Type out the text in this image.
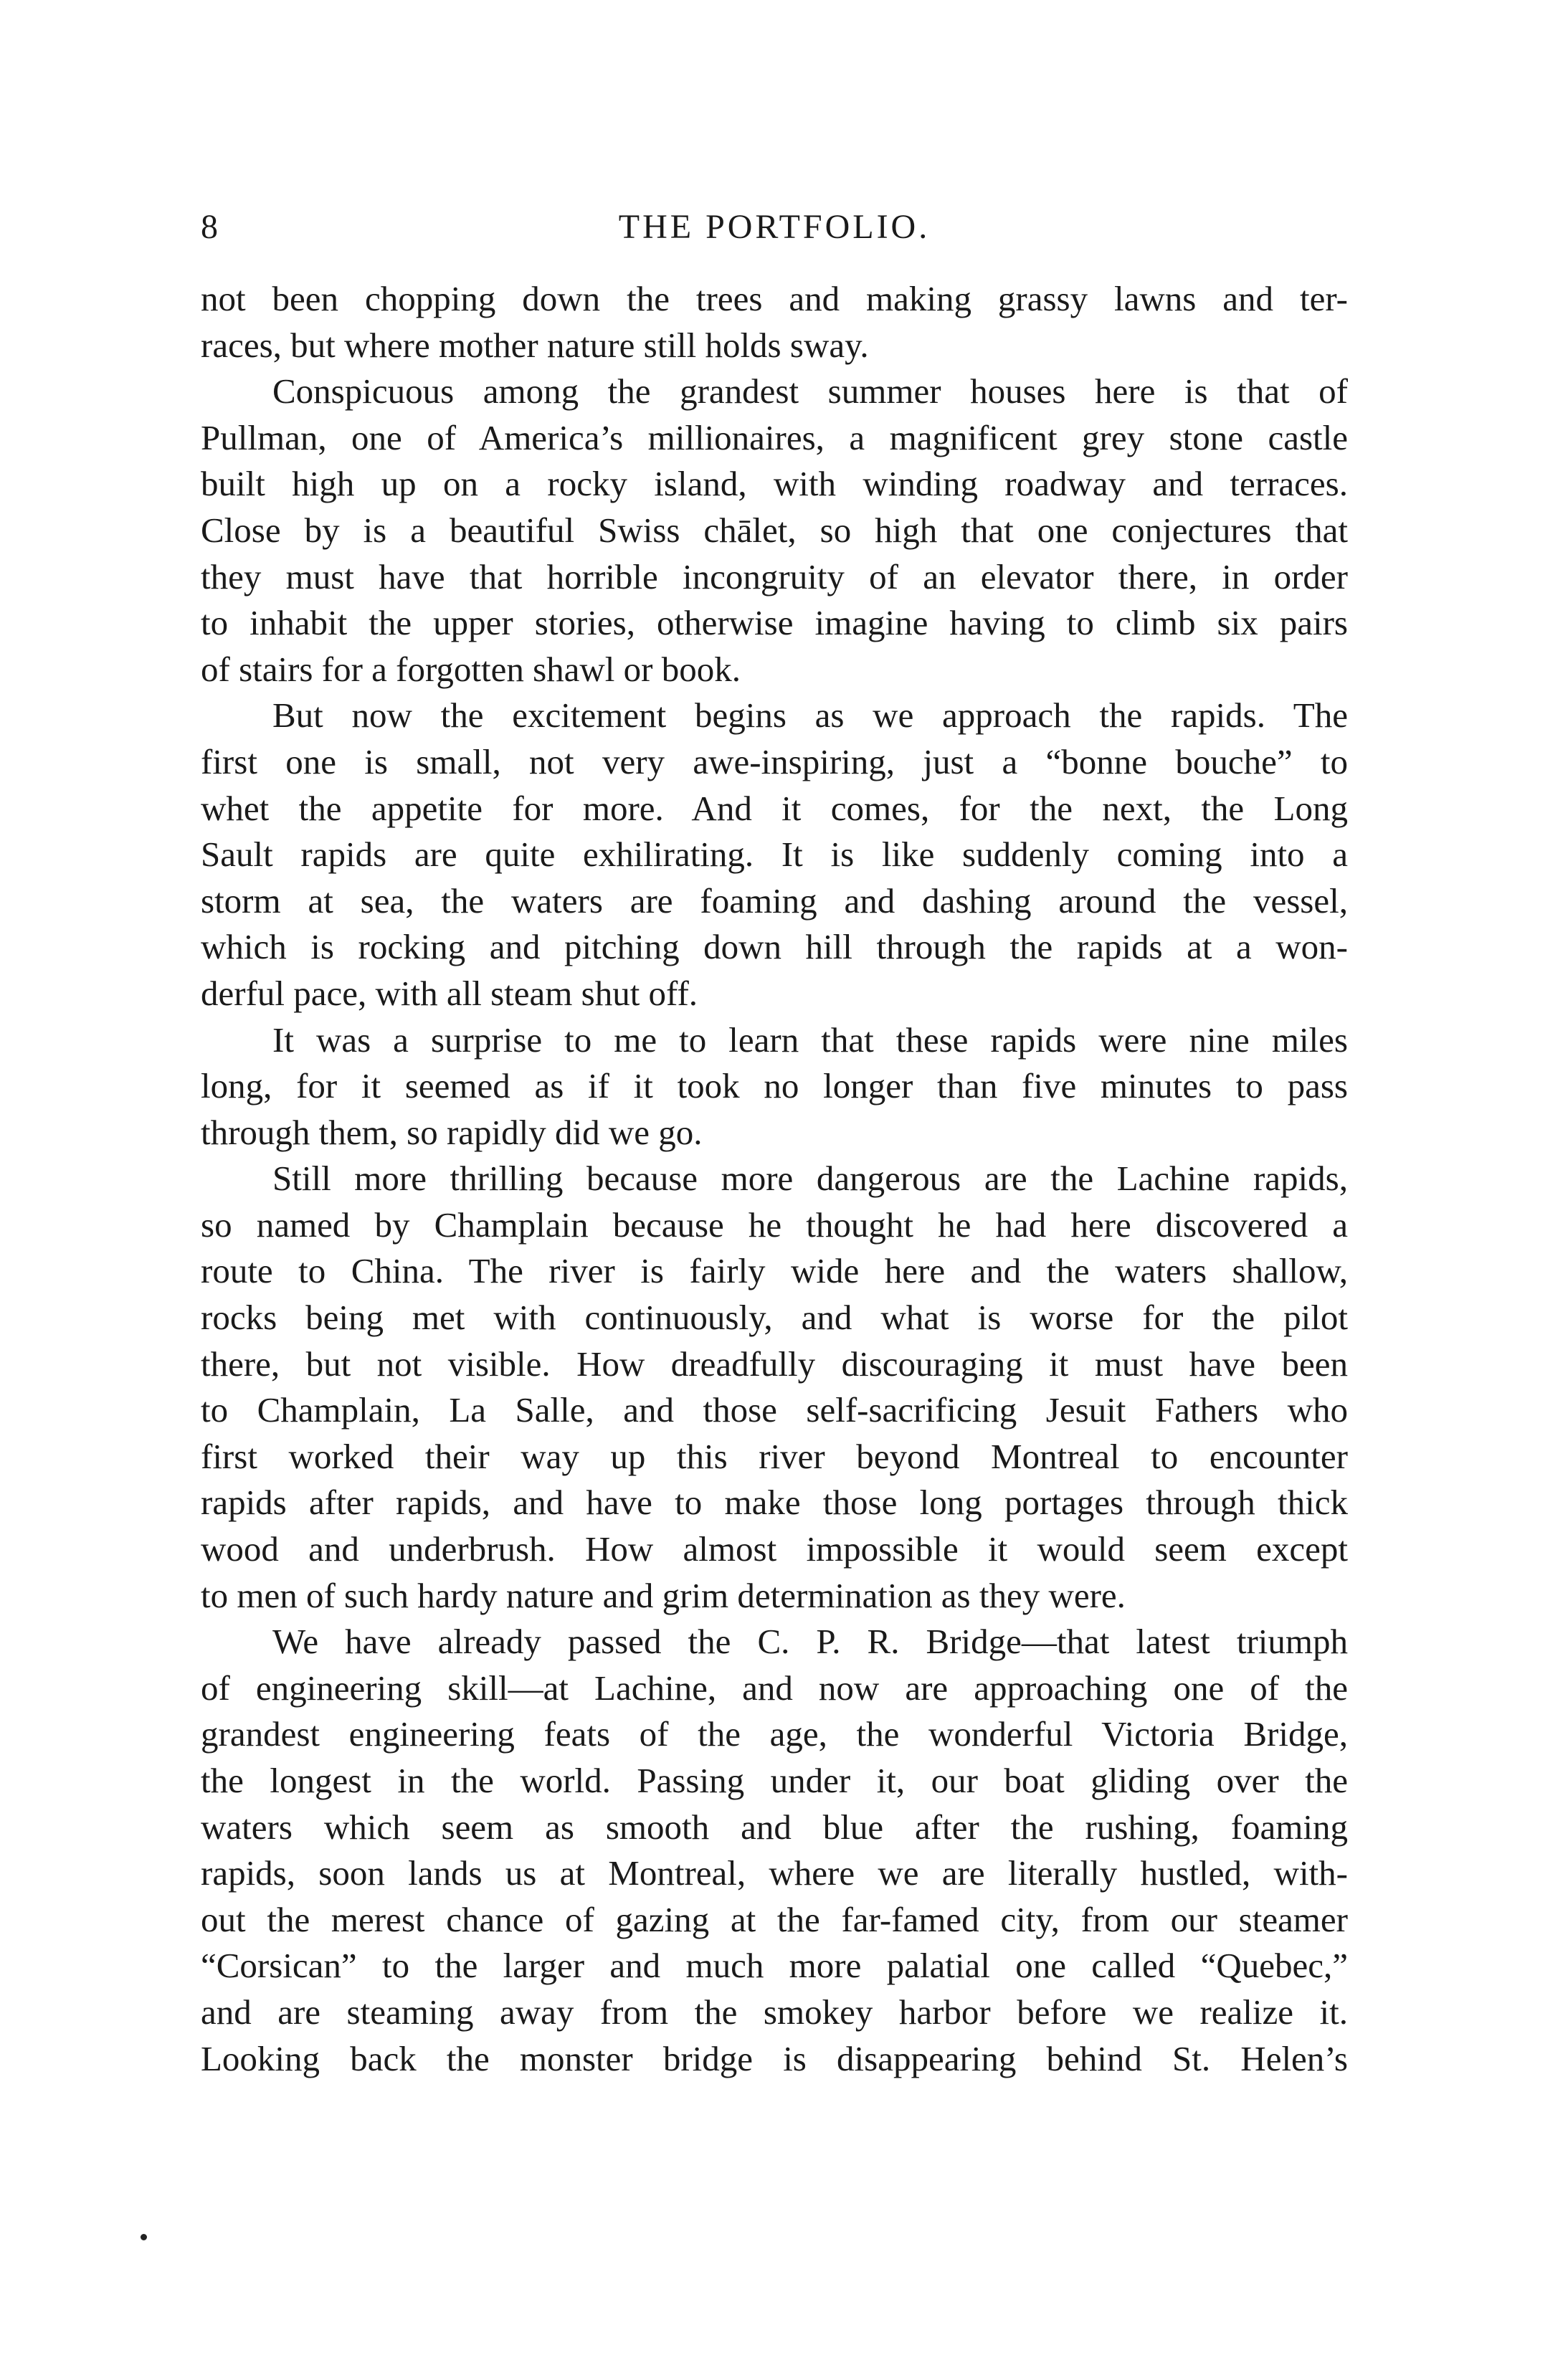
8	THE PORTFOLIO.
not been chopping down the trees and making grassy lawns and ter-
races, but where mother nature still holds sway.
Conspicuous among the grandest summer houses here is that of
Pullman, one of America’s millionaires, a magnificent grey stone castle
built high up on a rocky island, with winding roadway and terraces.
Close by is a beautiful Swiss chālet, so high that one conjectures that
they must have that horrible incongruity of an elevator there, in order
to inhabit the upper stories, otherwise imagine having to climb six pairs
of stairs for a forgotten shawl or book.
But now the excitement begins as we approach the rapids. The
first one is small, not very awe-inspiring, just a “bonne bouche” to
whet the appetite for more. And it comes, for the next, the Long
Sault rapids are quite exhilirating. It is like suddenly coming into a
storm at sea, the waters are foaming and dashing around the vessel,
which is rocking and pitching down hill through the rapids at a won-
derful pace, with all steam shut off.
It was a surprise to me to learn that these rapids were nine miles
long, for it seemed as if it took no longer than five minutes to pass
through them, so rapidly did we go.
Still more thrilling because more dangerous are the Lachine rapids,
so named by Champlain because he thought he had here discovered a
route to China. The river is fairly wide here and the waters shallow,
rocks being met with continuously, and what is worse for the pilot
there, but not visible. How dreadfully discouraging it must have been
to Champlain, La Salle, and those self-sacrificing Jesuit Fathers who
first worked their way up this river beyond Montreal to encounter
rapids after rapids, and have to make those long portages through thick
wood and underbrush. How almost impossible it would seem except
to men of such hardy nature and grim determination as they were.
We have already passed the C. P. R. Bridge—that latest triumph
of engineering skill—at Lachine, and now are approaching one of the
grandest engineering feats of the age, the wonderful Victoria Bridge,
the longest in the world. Passing under it, our boat gliding over the
waters which seem as smooth and blue after the rushing, foaming
rapids, soon lands us at Montreal, where we are literally hustled, with-
out the merest chance of gazing at the far-famed city, from our steamer
“Corsican” to the larger and much more palatial one called “Quebec,”
and are steaming away from the smokey harbor before we realize it.
Looking back the monster bridge is disappearing behind St. Helen’s
